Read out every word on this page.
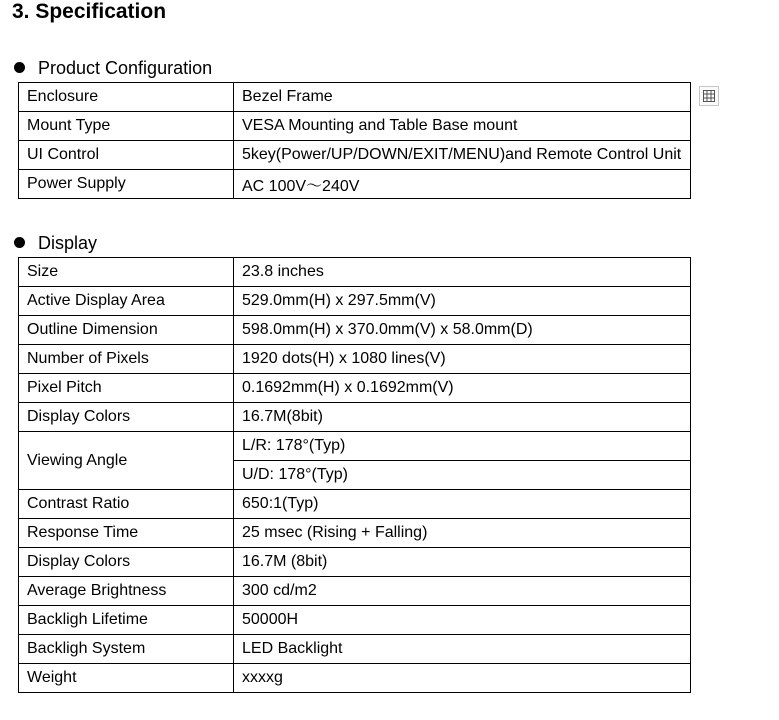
3. Specification
Product Configuration
Enclosure	Bezel Frame
Mount Type	VESA Mounting and Table Base mount
UI Control	5key(Power/UP/DOWN/EXIT/MENU)and Remote Control Unit
Power Supply	AC 100V～240V
Display
Size	23.8 inches
Active Display Area	529.0mm(H) x 297.5mm(V)
Outline Dimension	598.0mm(H) x 370.0mm(V) x 58.0mm(D)
Number of Pixels	1920 dots(H) x 1080 lines(V)
Pixel Pitch	0.1692mm(H) x 0.1692mm(V)
Display Colors	16.7M(8bit)
Viewing Angle	L/R: 178°(Typ)
	U/D: 178°(Typ)
Contrast Ratio	650:1(Typ)
Response Time	25 msec (Rising + Falling)
Display Colors	16.7M (8bit)
Average Brightness	300 cd/m2
Backligh Lifetime	50000H
Backligh System	LED Backlight
Weight	xxxxg
